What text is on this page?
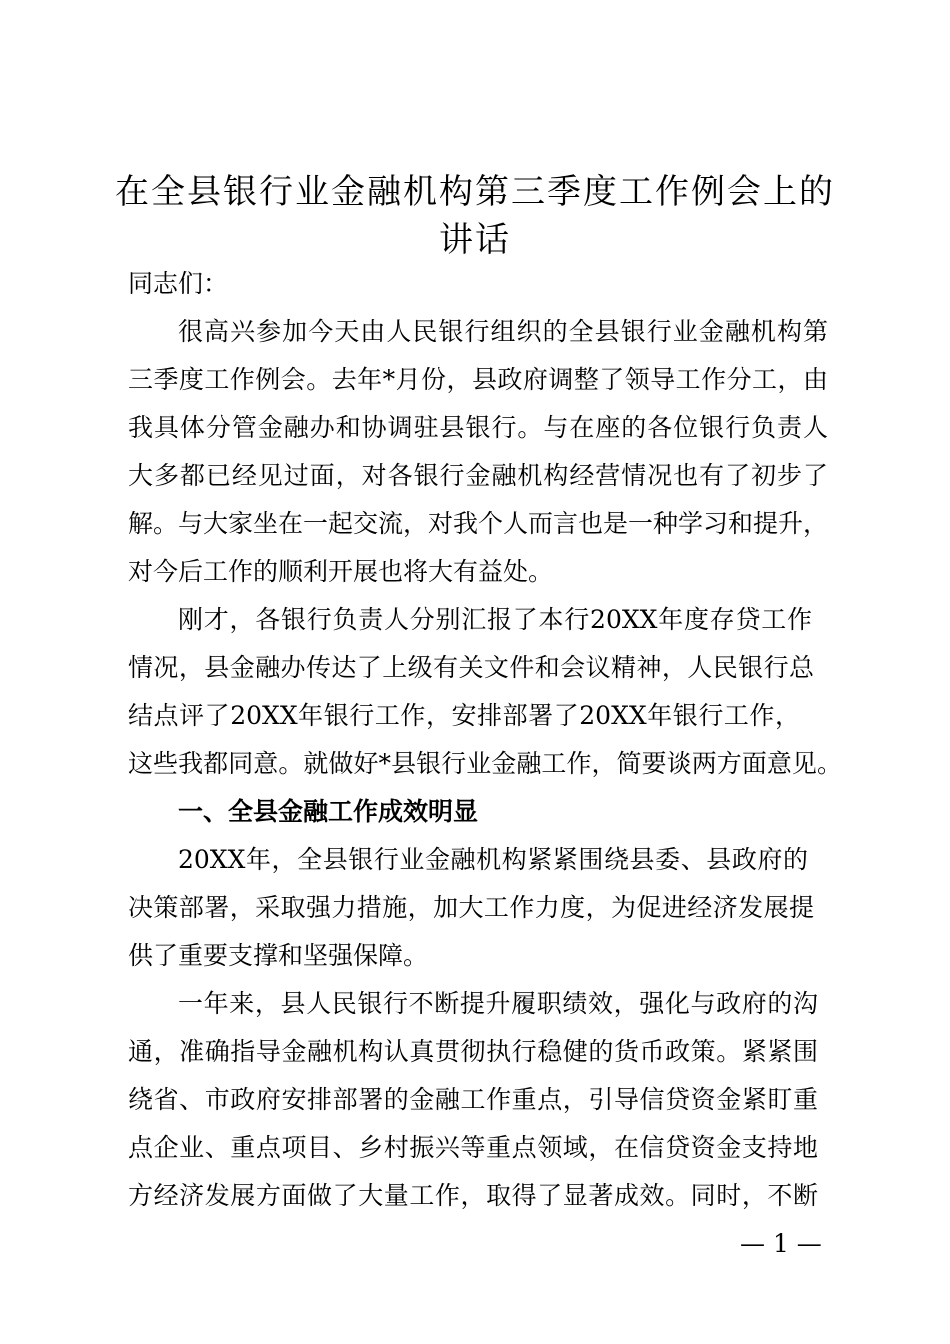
在全县银行业金融机构第三季度工作例会上的
讲话
同志们：
很高兴参加今天由人民银行组织的全县银行业金融机构第
三季度工作例会。去年*月份，县政府调整了领导工作分工，由
我具体分管金融办和协调驻县银行。与在座的各位银行负责人
大多都已经见过面，对各银行金融机构经营情况也有了初步了
解。与大家坐在一起交流，对我个人而言也是一种学习和提升，
对今后工作的顺利开展也将大有益处。
刚才，各银行负责人分别汇报了本行20XX年度存贷工作
情况，县金融办传达了上级有关文件和会议精神，人民银行总
结点评了20XX年银行工作，安排部署了20XX年银行工作，
这些我都同意。就做好*县银行业金融工作，简要谈两方面意见。
一、全县金融工作成效明显
20XX年，全县银行业金融机构紧紧围绕县委、县政府的
决策部署，采取强力措施，加大工作力度，为促进经济发展提
供了重要支撑和坚强保障。
一年来，县人民银行不断提升履职绩效，强化与政府的沟
通，准确指导金融机构认真贯彻执行稳健的货币政策。紧紧围
绕省、市政府安排部署的金融工作重点，引导信贷资金紧盯重
点企业、重点项目、乡村振兴等重点领域，在信贷资金支持地
方经济发展方面做了大量工作，取得了显著成效。同时，不断
— 1 —
